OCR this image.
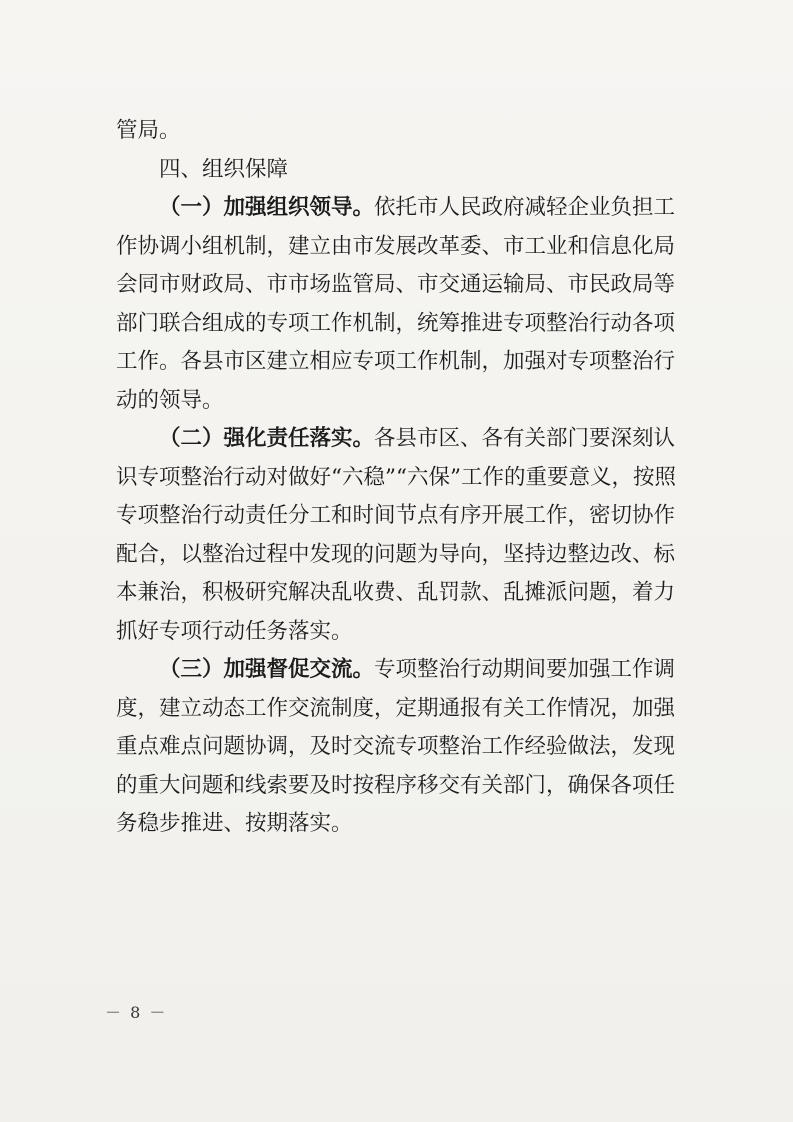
管局。
四、组织保障
（一）加强组织领导。依托市人民政府减轻企业负担工
作协调小组机制，建立由市发展改革委、市工业和信息化局
会同市财政局、市市场监管局、市交通运输局、市民政局等
部门联合组成的专项工作机制，统筹推进专项整治行动各项
工作。各县市区建立相应专项工作机制，加强对专项整治行
动的领导。
（二）强化责任落实。各县市区、各有关部门要深刻认
识专项整治行动对做好“六稳”“六保”工作的重要意义，按照
专项整治行动责任分工和时间节点有序开展工作，密切协作
配合，以整治过程中发现的问题为导向，坚持边整边改、标
本兼治，积极研究解决乱收费、乱罚款、乱摊派问题，着力
抓好专项行动任务落实。
（三）加强督促交流。专项整治行动期间要加强工作调
度，建立动态工作交流制度，定期通报有关工作情况，加强
重点难点问题协调，及时交流专项整治工作经验做法，发现
的重大问题和线索要及时按程序移交有关部门，确保各项任
务稳步推进、按期落实。
－ 8 －
